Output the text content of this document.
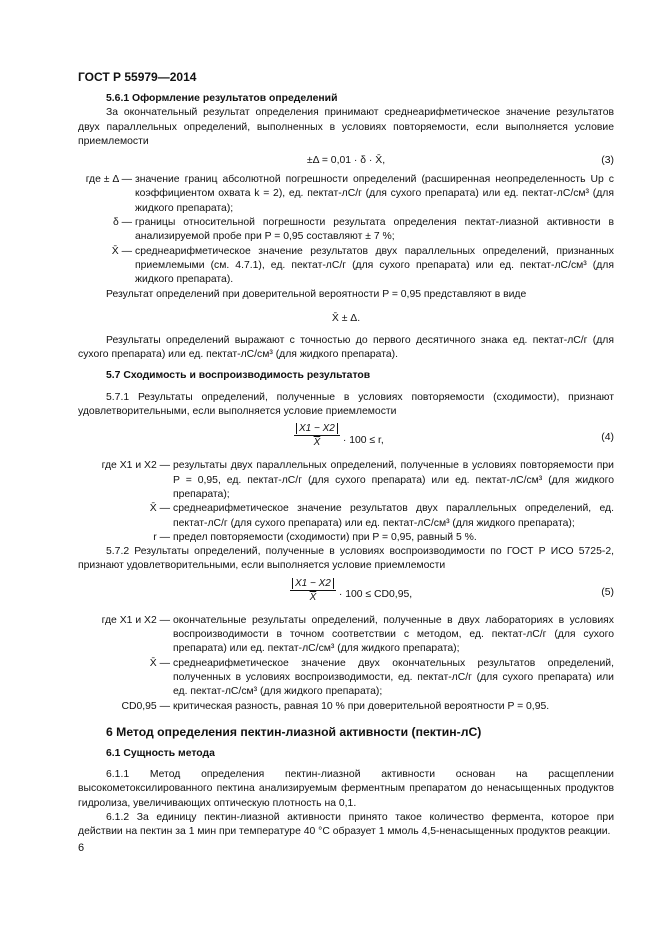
ГОСТ Р 55979—2014
5.6.1 Оформление результатов определений

За окончательный результат определения принимают среднеарифметическое значение результатов двух параллельных определений, выполненных в условиях повторяемости, если выполняется условие приемлемости

±Δ = 0,01 · δ · X̄,	(3)
где ± Δ — значение границ абсолютной погрешности определений (расширенная неопределенность Up с коэффициентом охвата k = 2), ед. пектат-лС/г (для сухого препарата) или ед. пектат-лС/см³ (для жидкого препарата);
δ — границы относительной погрешности результата определения пектат-лиазной активности в анализируемой пробе при P = 0,95 составляют ± 7 %;
X̄ — среднеарифметическое значение результатов двух параллельных определений, признанных приемлемыми (см. 4.7.1), ед. пектат-лС/г (для сухого препарата) или ед. пектат-лС/см³ (для жидкого препарата).

Результат определений при доверительной вероятности P = 0,95 представляют в виде

X̄ ± Δ.

Результаты определений выражают с точностью до первого десятичного знака ед. пектат-лС/г (для сухого препарата) или ед. пектат-лС/см³ (для жидкого препарата).

5.7 Сходимость и воспроизводимость результатов

5.7.1 Результаты определений, полученные в условиях повторяемости (сходимости), признают удовлетворительными, если выполняется условие приемлемости

$\frac{X1 - X2}{X̄} \cdot 100 \le r$,	(4)
где X1 и X2 — результаты двух параллельных определений, полученные в условиях повторяемости при P = 0,95, ед. пектат-лС/г (для сухого препарата) или ед. пектат-лС/см³ (для жидкого препарата);
X̄ — среднеарифметическое значение результатов двух параллельных определений, ед. пектат-лС/г (для сухого препарата) или ед. пектат-лС/см³ (для жидкого препарата);
r — предел повторяемости (сходимости) при P = 0,95, равный 5 %.

5.7.2 Результаты определений, полученные в условиях воспроизводимости по ГОСТ Р ИСО 5725-2, признают удовлетворительными, если выполняется условие приемлемости

$\frac{X1 - X2}{X̄} \cdot 100 \le CD0,95$,	(5)
где X1 и X2 — окончательные результаты определений, полученные в двух лабораториях в условиях воспроизводимости в точном соответствии с методом, ед. пектат-лС/г (для сухого препарата) или ед. пектат-лС/см³ (для жидкого препарата);
X̄ — среднеарифметическое значение двух окончательных результатов определений, полученных в условиях воспроизводимости, ед. пектат-лС/г (для сухого препарата) или ед. пектат-лС/см³ (для жидкого препарата);
CD0,95 — критическая разность, равная 10 % при доверительной вероятности P = 0,95.
6 Метод определения пектин-лиазной активности (пектин-лС)
6.1 Сущность метода

6.1.1 Метод определения пектин-лиазной активности основан на расщеплении высокометоксилированного пектина анализируемым ферментным препаратом до ненасыщенных продуктов гидролиза, увеличивающих оптическую плотность на 0,1.

6.1.2 За единицу пектин-лиазной активности принято такое количество фермента, которое при действии на пектин за 1 мин при температуре 40 °С образует 1 ммоль 4,5-ненасыщенных продуктов реакции.

6
